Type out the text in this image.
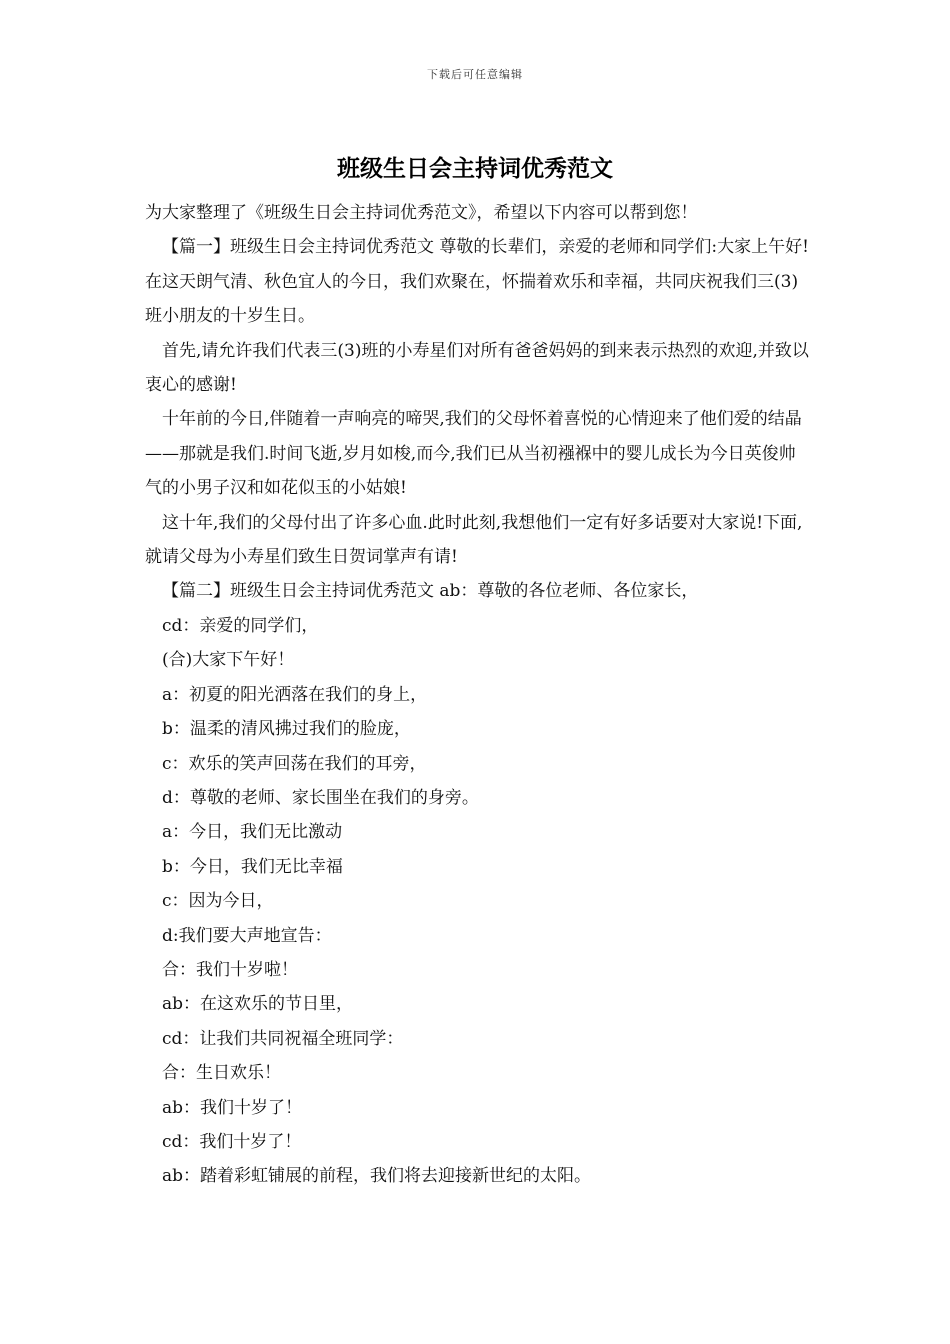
下载后可任意编辑
班级生日会主持词优秀范文

为大家整理了《班级生日会主持词优秀范文》，希望以下内容可以帮到您！

【篇一】班级生日会主持词优秀范文 尊敬的长辈们，亲爱的老师和同学们:大家上午好!在这天朗气清、秋色宜人的今日，我们欢聚在，怀揣着欢乐和幸福，共同庆祝我们三(3)班小朋友的十岁生日。

首先,请允许我们代表三(3)班的小寿星们对所有爸爸妈妈的到来表示热烈的欢迎,并致以衷心的感谢!

十年前的今日,伴随着一声响亮的啼哭,我们的父母怀着喜悦的心情迎来了他们爱的结晶——那就是我们.时间飞逝,岁月如梭,而今,我们已从当初襁褓中的婴儿成长为今日英俊帅气的小男子汉和如花似玉的小姑娘!

这十年,我们的父母付出了许多心血.此时此刻,我想他们一定有好多话要对大家说!下面,就请父母为小寿星们致生日贺词掌声有请!

【篇二】班级生日会主持词优秀范文 ab：尊敬的各位老师、各位家长，

cd：亲爱的同学们，

(合)大家下午好！

a：初夏的阳光洒落在我们的身上，

b：温柔的清风拂过我们的脸庞，

c：欢乐的笑声回荡在我们的耳旁，

d：尊敬的老师、家长围坐在我们的身旁。

a：今日，我们无比激动

b：今日，我们无比幸福

c：因为今日，

d:我们要大声地宣告：

合：我们十岁啦！

ab：在这欢乐的节日里，

cd：让我们共同祝福全班同学：

合：生日欢乐！

ab：我们十岁了！

cd：我们十岁了！

ab：踏着彩虹铺展的前程，我们将去迎接新世纪的太阳。
